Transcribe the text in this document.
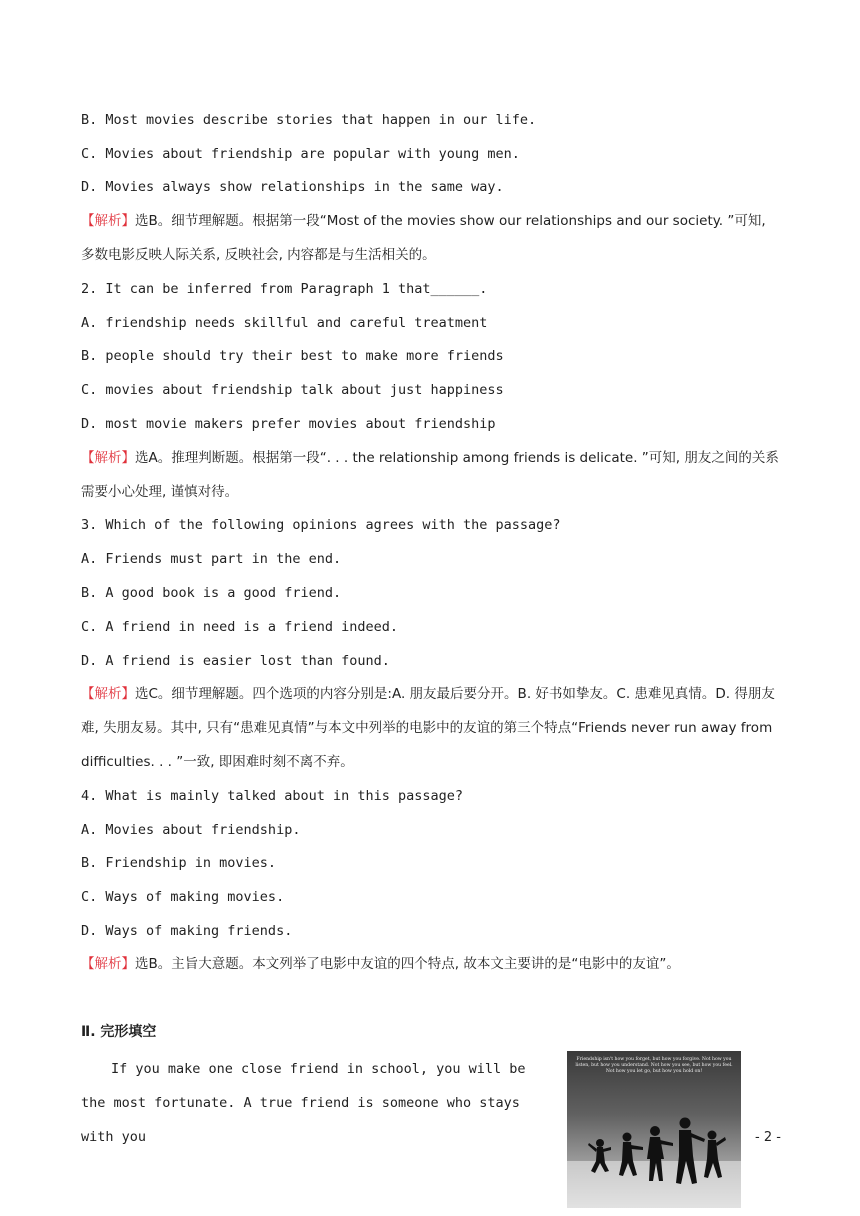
B. Most movies describe stories that happen in our life.
C. Movies about friendship are popular with young men.
D. Movies always show relationships in the same way.
【解析】选B。细节理解题。根据第一段“Most of the movies show our relationships and our society. ”可知, 多数电影反映人际关系, 反映社会, 内容都是与生活相关的。
2. It can be inferred from Paragraph 1 that______.
A. friendship needs skillful and careful treatment
B. people should try their best to make more friends
C. movies about friendship talk about just happiness
D. most movie makers prefer movies about friendship
【解析】选A。推理判断题。根据第一段“. . . the relationship among friends is delicate. ”可知, 朋友之间的关系需要小心处理, 谨慎对待。
3. Which of the following opinions agrees with the passage?
A. Friends must part in the end.
B. A good book is a good friend.
C. A friend in need is a friend indeed.
D. A friend is easier lost than found.
【解析】选C。细节理解题。四个选项的内容分别是:A. 朋友最后要分开。B. 好书如挚友。C. 患难见真情。D. 得朋友难, 失朋友易。其中, 只有“患难见真情”与本文中列举的电影中的友谊的第三个特点“Friends never run away from difficulties. . . ”一致, 即困难时刻不离不弃。
4. What is mainly talked about in this passage?
A. Movies about friendship.
B. Friendship in movies.
C. Ways of making movies.
D. Ways of making friends.
【解析】选B。主旨大意题。本文列举了电影中友谊的四个特点, 故本文主要讲的是“电影中的友谊”。
Ⅱ. 完形填空
If you make one close friend in school, you will be the most fortunate. A true friend is someone who stays with you
Friendship isn't how you forget, but how you forgive. Not how you listen, but how you understand. Not how you see, but how you feel. Not how you let go, but how you hold on!
- 2 -
